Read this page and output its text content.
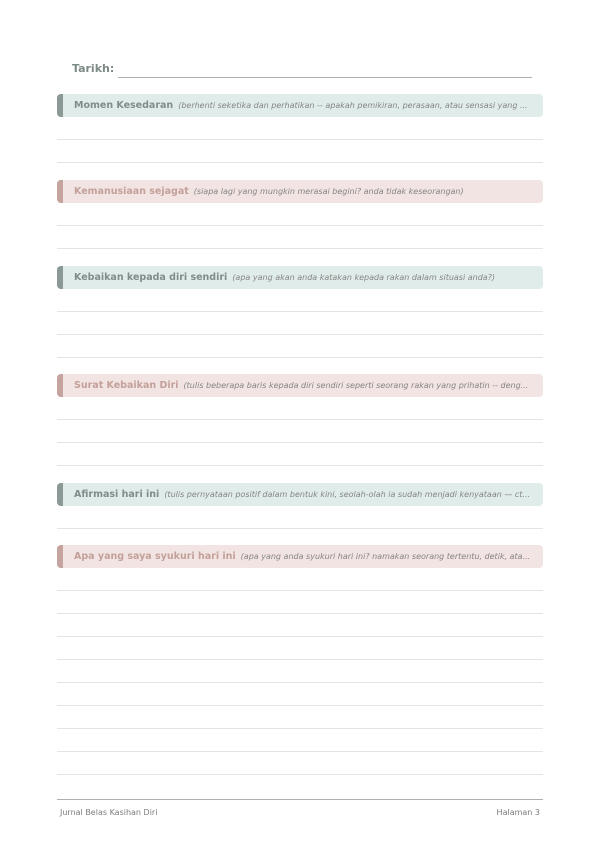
Tarikh:
Momen Kesedaran (berhenti seketika dan perhatikan -- apakah pemikiran, perasaan, atau sensasi yang ...
Kemanusiaan sejagat (siapa lagi yang mungkin merasai begini? anda tidak keseorangan)
Kebaikan kepada diri sendiri (apa yang akan anda katakan kepada rakan dalam situasi anda?)
Surat Kebaikan Diri (tulis beberapa baris kepada diri sendiri seperti seorang rakan yang prihatin -- deng...
Afirmasi hari ini (tulis pernyataan positif dalam bentuk kini, seolah-olah ia sudah menjadi kenyataan — ct...
Apa yang saya syukuri hari ini (apa yang anda syukuri hari ini? namakan seorang tertentu, detik, ata...
Jurnal Belas Kasihan Diri	Halaman 3
